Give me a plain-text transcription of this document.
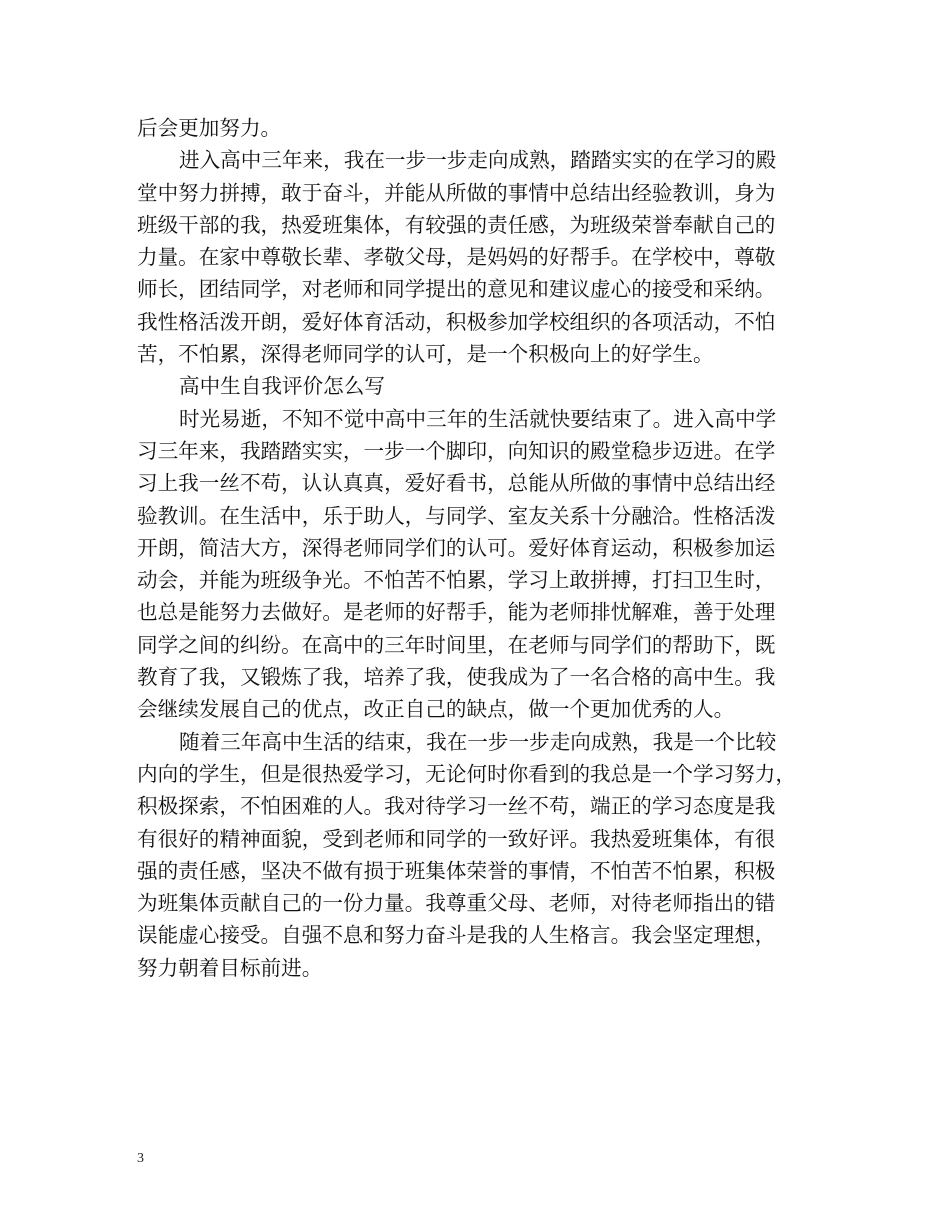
后会更加努力。
进入高中三年来，我在一步一步走向成熟，踏踏实实的在学习的殿
堂中努力拼搏，敢于奋斗，并能从所做的事情中总结出经验教训，身为
班级干部的我，热爱班集体，有较强的责任感，为班级荣誉奉献自己的
力量。在家中尊敬长辈、孝敬父母，是妈妈的好帮手。在学校中，尊敬
师长，团结同学，对老师和同学提出的意见和建议虚心的接受和采纳。
我性格活泼开朗，爱好体育活动，积极参加学校组织的各项活动，不怕
苦，不怕累，深得老师同学的认可，是一个积极向上的好学生。
高中生自我评价怎么写
时光易逝，不知不觉中高中三年的生活就快要结束了。进入高中学
习三年来，我踏踏实实，一步一个脚印，向知识的殿堂稳步迈进。在学
习上我一丝不苟，认认真真，爱好看书，总能从所做的事情中总结出经
验教训。在生活中，乐于助人，与同学、室友关系十分融洽。性格活泼
开朗，简洁大方，深得老师同学们的认可。爱好体育运动，积极参加运
动会，并能为班级争光。不怕苦不怕累，学习上敢拼搏，打扫卫生时，
也总是能努力去做好。是老师的好帮手，能为老师排忧解难，善于处理
同学之间的纠纷。在高中的三年时间里，在老师与同学们的帮助下，既
教育了我，又锻炼了我，培养了我，使我成为了一名合格的高中生。我
会继续发展自己的优点，改正自己的缺点，做一个更加优秀的人。
随着三年高中生活的结束，我在一步一步走向成熟，我是一个比较
内向的学生，但是很热爱学习，无论何时你看到的我总是一个学习努力，
积极探索，不怕困难的人。我对待学习一丝不苟，端正的学习态度是我
有很好的精神面貌，受到老师和同学的一致好评。我热爱班集体，有很
强的责任感，坚决不做有损于班集体荣誉的事情，不怕苦不怕累，积极
为班集体贡献自己的一份力量。我尊重父母、老师，对待老师指出的错
误能虚心接受。自强不息和努力奋斗是我的人生格言。我会坚定理想，
努力朝着目标前进。
3
